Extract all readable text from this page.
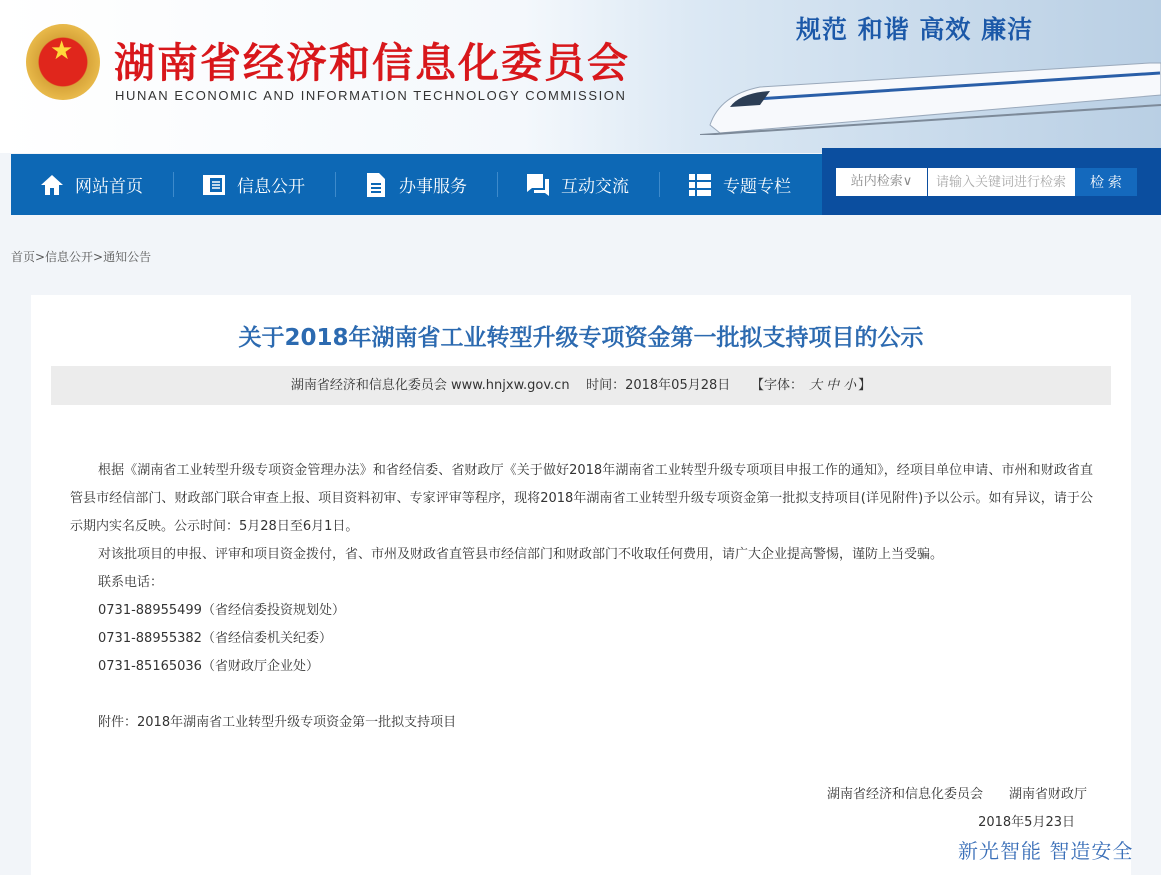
★ 湖南省经济和信息化委员会
HUNAN ECONOMIC AND INFORMATION TECHNOLOGY COMMISSION
规范 和谐 高效 廉洁
网站首页	信息公开	办事服务	互动交流	专题专栏	站内检索∨
请输入关键词进行检索	检 索
首页>信息公开>通知公告
关于2018年湖南省工业转型升级专项资金第一批拟支持项目的公示
湖南省经济和信息化委员会 www.hnjxw.gov.cn 时间：2018年05月28日 【字体： 大 中 小 】
根据《湖南省工业转型升级专项资金管理办法》和省经信委、省财政厅《关于做好2018年湖南省工业转型升级专项项目申报工作的通知》，经项目单位申请、市州和财政省直管县市经信部门、财政部门联合审查上报、项目资料初审、专家评审等程序，现将2018年湖南省工业转型升级专项资金第一批拟支持项目(详见附件)予以公示。如有异议，请于公示期内实名反映。公示时间：5月28日至6月1日。
对该批项目的申报、评审和项目资金拨付，省、市州及财政省直管县市经信部门和财政部门不收取任何费用，请广大企业提高警惕，谨防上当受骗。
联系电话：
0731-88955499（省经信委投资规划处）
0731-88955382（省经信委机关纪委）
0731-85165036（省财政厅企业处）
附件：2018年湖南省工业转型升级专项资金第一批拟支持项目
湖南省经济和信息化委员会　　湖南省财政厅
2018年5月23日
新光智能 智造安全
